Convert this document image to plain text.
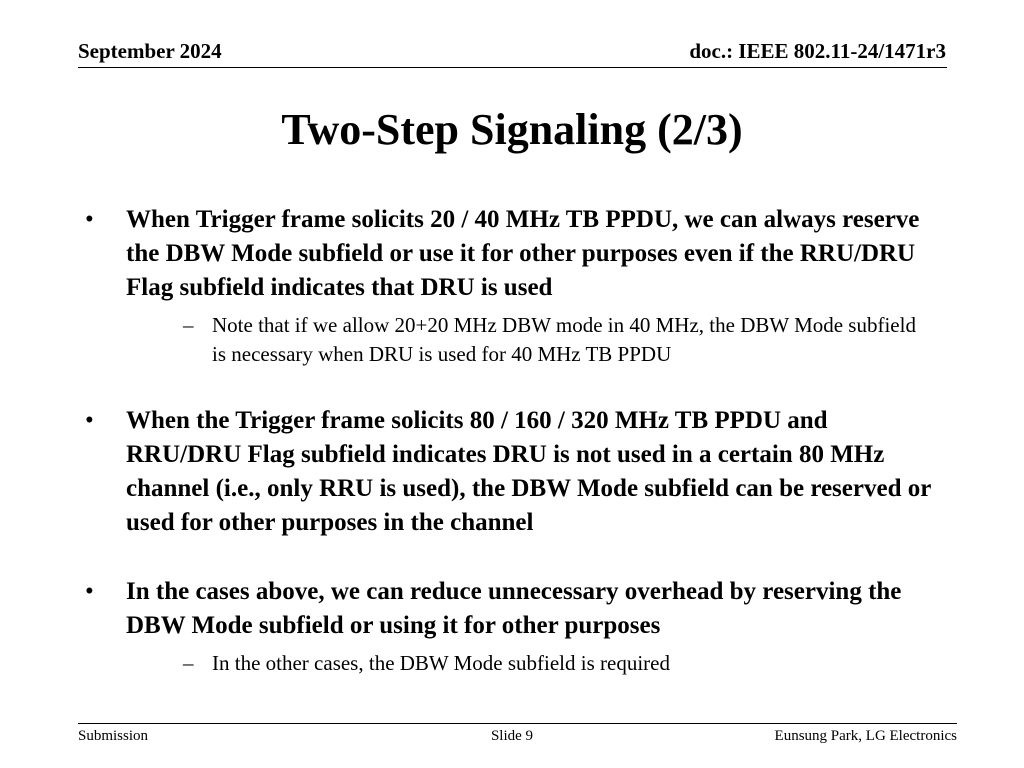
September 2024	doc.: IEEE 802.11-24/1471r3
Two-Step Signaling (2/3)
• When Trigger frame solicits 20 / 40 MHz TB PPDU, we can always reserve the DBW Mode subfield or use it for other purposes even if the RRU/DRU Flag subfield indicates that DRU is used
– Note that if we allow 20+20 MHz DBW mode in 40 MHz, the DBW Mode subfield is necessary when DRU is used for 40 MHz TB PPDU
• When the Trigger frame solicits 80 / 160 / 320 MHz TB PPDU and RRU/DRU Flag subfield indicates DRU is not used in a certain 80 MHz channel (i.e., only RRU is used), the DBW Mode subfield can be reserved or used for other purposes in the channel
• In the cases above, we can reduce unnecessary overhead by reserving the DBW Mode subfield or using it for other purposes
– In the other cases, the DBW Mode subfield is required
Submission	Slide 9	Eunsung Park, LG Electronics
